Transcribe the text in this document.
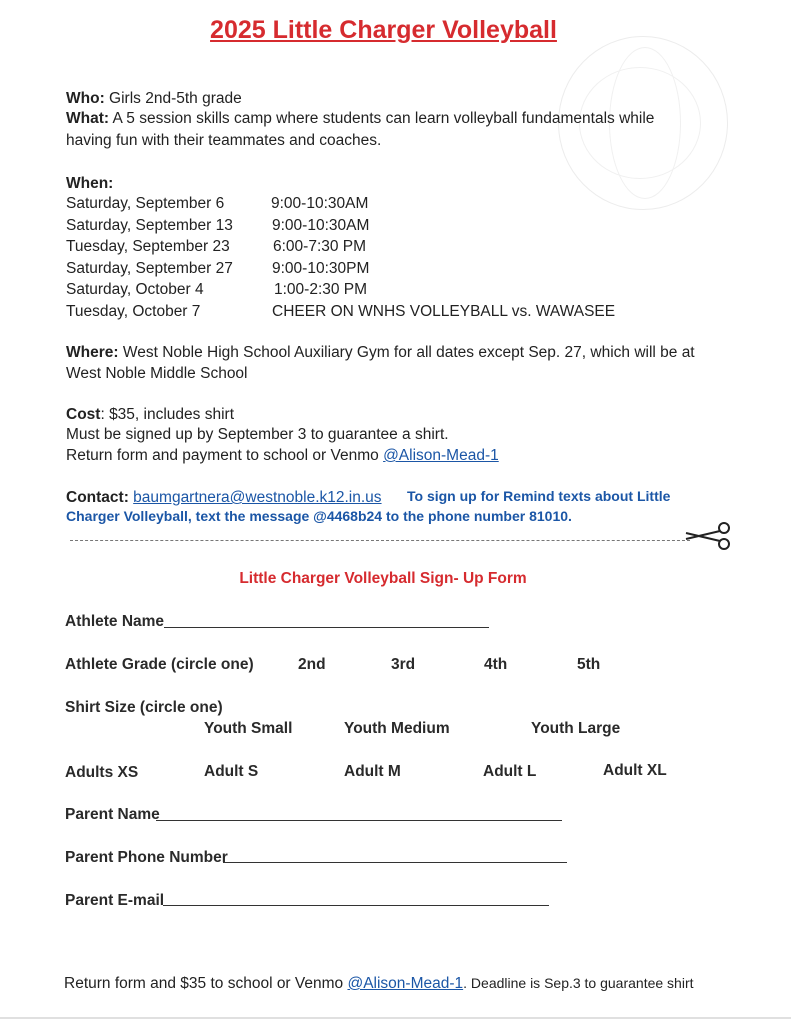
2025 Little Charger Volleyball
Who: Girls 2nd-5th grade
What: A 5 session skills camp where students can learn volleyball fundamentals while
having fun with their teammates and coaches.
When:
Saturday, September 6	9:00-10:30AM
Saturday, September 13	9:00-10:30AM
Tuesday, September 23	6:00-7:30 PM
Saturday, September 27	9:00-10:30PM
Saturday, October 4	1:00-2:30 PM
Tuesday, October 7	CHEER ON WNHS VOLLEYBALL vs. WAWASEE
Where: West Noble High School Auxiliary Gym for all dates except Sep. 27, which will be at
West Noble Middle School
Cost: $35, includes shirt
Must be signed up by September 3 to guarantee a shirt.
Return form and payment to school or Venmo @Alison-Mead-1
Contact: baumgartnera@westnoble.k12.in.us To sign up for Remind texts about Little
Charger Volleyball, text the message @4468b24 to the phone number 81010.
Little Charger Volleyball Sign- Up Form
Athlete Name
Athlete Grade (circle one)	2nd	3rd	4th	5th
Shirt Size (circle one)
Youth Small	Youth Medium	Youth Large
Adults XS	Adult S	Adult M	Adult L	Adult XL
Parent Name
Parent Phone Number
Parent E-mail
Return form and $35 to school or Venmo @Alison-Mead-1. Deadline is Sep.3 to guarantee shirt
